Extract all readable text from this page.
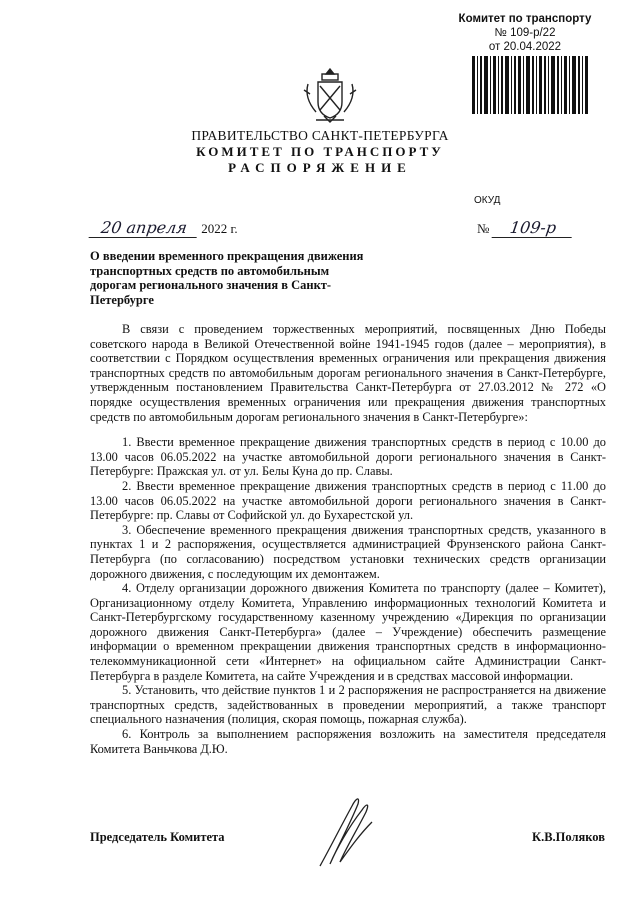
Комитет по транспорту
№ 109-р/22
от 20.04.2022
ПРАВИТЕЛЬСТВО САНКТ-ПЕТЕРБУРГА
КОМИТЕТ ПО ТРАНСПОРТУ
РАСПОРЯЖЕНИЕ
ОКУД
20 апреля 2022 г.	№ 109-р
О введении временного прекращения движения транспортных средств по автомобильным дорогам регионального значения в Санкт-Петербурге

В связи с проведением торжественных мероприятий, посвященных Дню Победы советского народа в Великой Отечественной войне 1941-1945 годов (далее – мероприятия), в соответствии с Порядком осуществления временных ограничения или прекращения движения транспортных средств по автомобильным дорогам регионального значения в Санкт-Петербурге, утвержденным постановлением Правительства Санкт-Петербурга от 27.03.2012 № 272 «О порядке осуществления временных ограничения или прекращения движения транспортных средств по автомобильным дорогам регионального значения в Санкт-Петербурге»:

1. Ввести временное прекращение движения транспортных средств в период с 10.00 до 13.00 часов 06.05.2022 на участке автомобильной дороги регионального значения в Санкт-Петербурге: Пражская ул. от ул. Белы Куна до пр. Славы.

2. Ввести временное прекращение движения транспортных средств в период с 11.00 до 13.00 часов 06.05.2022 на участке автомобильной дороги регионального значения в Санкт-Петербурге: пр. Славы от Софийской ул. до Бухарестской ул.

3. Обеспечение временного прекращения движения транспортных средств, указанного в пунктах 1 и 2 распоряжения, осуществляется администрацией Фрунзенского района Санкт-Петербурга (по согласованию) посредством установки технических средств организации дорожного движения, с последующим их демонтажем.

4. Отделу организации дорожного движения Комитета по транспорту (далее – Комитет), Организационному отделу Комитета, Управлению информационных технологий Комитета и Санкт-Петербургскому государственному казенному учреждению «Дирекция по организации дорожного движения Санкт-Петербурга» (далее – Учреждение) обеспечить размещение информации о временном прекращении движения транспортных средств в информационно-телекоммуникационной сети «Интернет» на официальном сайте Администрации Санкт-Петербурга в разделе Комитета, на сайте Учреждения и в средствах массовой информации.

5. Установить, что действие пунктов 1 и 2 распоряжения не распространяется на движение транспортных средств, задействованных в проведении мероприятий, а также транспорт специального назначения (полиция, скорая помощь, пожарная служба).

6. Контроль за выполнением распоряжения возложить на заместителя председателя Комитета Ваньчкова Д.Ю.

Председатель Комитета	К.В.Поляков
